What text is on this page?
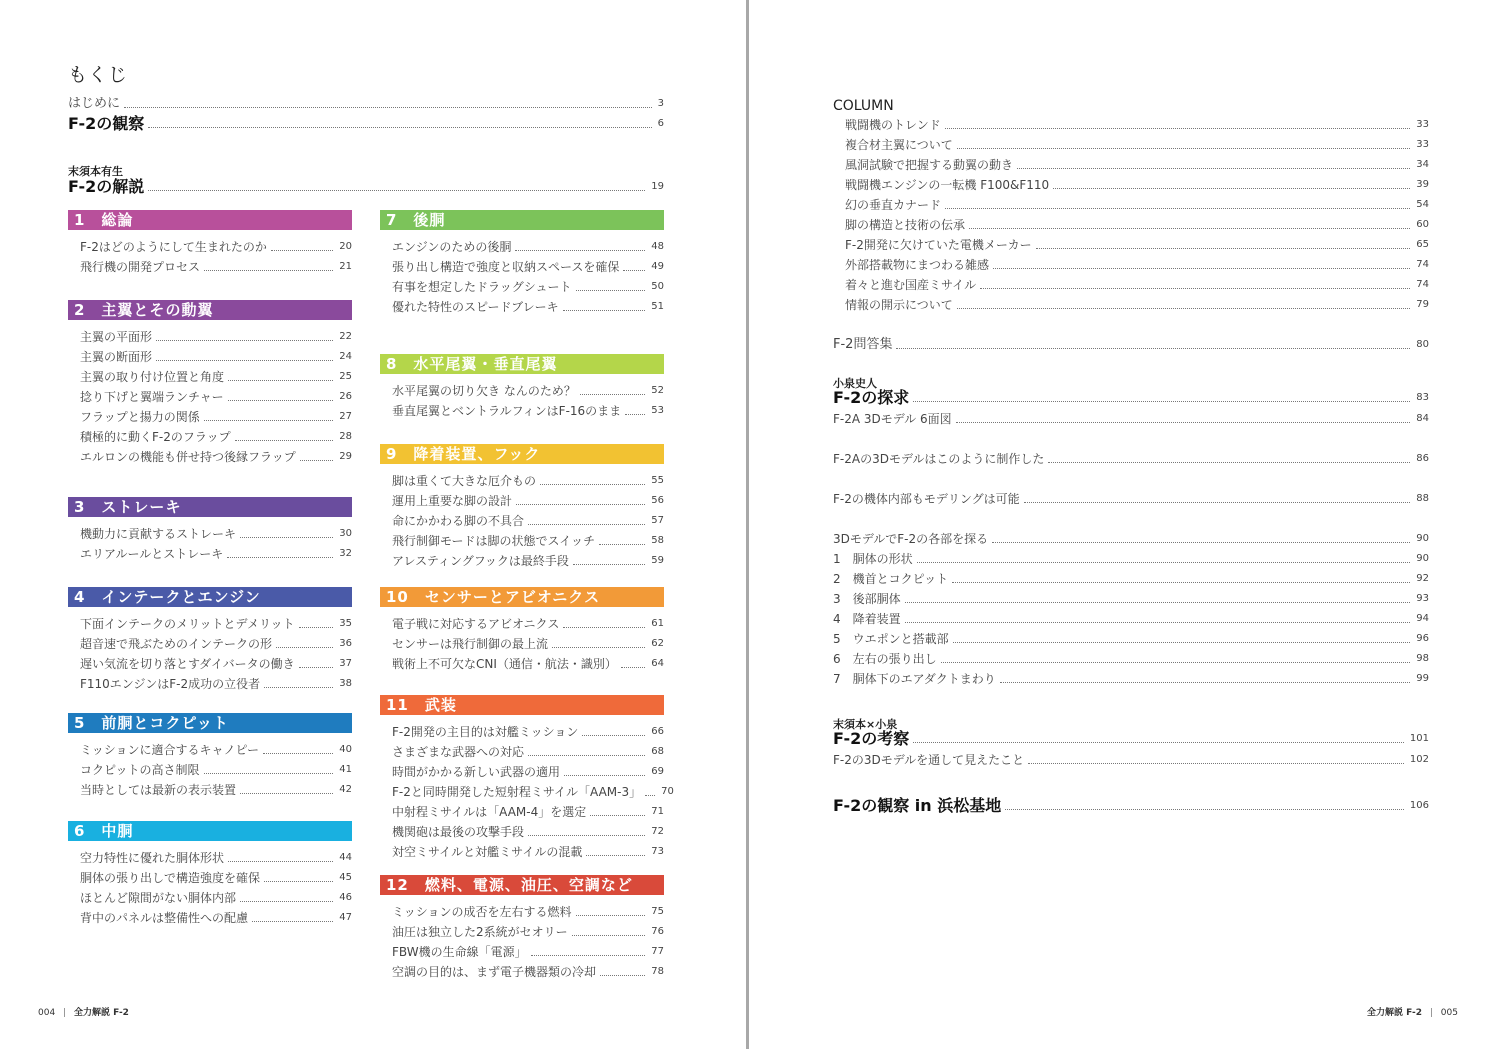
もくじ
はじめに	3
F-2の観察	6
末須本有生
F-2の解説	19
1　総論
F-2はどのようにして生まれたのか	20
飛行機の開発プロセス	21
2　主翼とその動翼
主翼の平面形	22
主翼の断面形	24
主翼の取り付け位置と角度	25
捻り下げと翼端ランチャー	26
フラップと揚力の関係	27
積極的に動くF-2のフラップ	28
エルロンの機能も併せ持つ後縁フラップ	29
3　ストレーキ
機動力に貢献するストレーキ	30
エリアルールとストレーキ	32
4　インテークとエンジン
下面インテークのメリットとデメリット	35
超音速で飛ぶためのインテークの形	36
遅い気流を切り落とすダイバータの働き	37
F110エンジンはF-2成功の立役者	38
5　前胴とコクピット
ミッションに適合するキャノピー	40
コクピットの高さ制限	41
当時としては最新の表示装置	42
6　中胴
空力特性に優れた胴体形状	44
胴体の張り出しで構造強度を確保	45
ほとんど隙間がない胴体内部	46
背中のパネルは整備性への配慮	47
7　後胴
エンジンのための後胴	48
張り出し構造で強度と収納スペースを確保	49
有事を想定したドラッグシュート	50
優れた特性のスピードブレーキ	51
8　水平尾翼・垂直尾翼
水平尾翼の切り欠き なんのため？	52
垂直尾翼とベントラルフィンはF-16のまま	53
9　降着装置、フック
脚は重くて大きな厄介もの	55
運用上重要な脚の設計	56
命にかかわる脚の不具合	57
飛行制御モードは脚の状態でスイッチ	58
アレスティングフックは最終手段	59
10　センサーとアビオニクス
電子戦に対応するアビオニクス	61
センサーは飛行制御の最上流	62
戦術上不可欠なCNI（通信・航法・識別）	64
11　武装
F-2開発の主目的は対艦ミッション	66
さまざまな武器への対応	68
時間がかかる新しい武器の適用	69
F-2と同時開発した短射程ミサイル「AAM-3」 70
中射程ミサイルは「AAM-4」を選定	71
機関砲は最後の攻撃手段	72
対空ミサイルと対艦ミサイルの混載	73
12　燃料、電源、油圧、空調など
ミッションの成否を左右する燃料	75
油圧は独立した2系統がセオリー	76
FBW機の生命線「電源」	77
空調の目的は、まず電子機器類の冷却	78
004 全力解説 F-2
COLUMN
戦闘機のトレンド	33
複合材主翼について	33
風洞試験で把握する動翼の動き	34
戦闘機エンジンの一転機 F100&F110	39
幻の垂直カナード	54
脚の構造と技術の伝承	60
F-2開発に欠けていた電機メーカー	65
外部搭載物にまつわる雑感	74
着々と進む国産ミサイル	74
情報の開示について	79
F-2問答集	80
小泉史人
F-2の探求	83
F-2A 3Dモデル 6面図	84
F-2Aの3Dモデルはこのように制作した	86
F-2の機体内部もモデリングは可能	88
3DモデルでF-2の各部を探る	90
1　胴体の形状	90
2　機首とコクピット	92
3　後部胴体	93
4　降着装置	94
5　ウエポンと搭載部	96
6　左右の張り出し	98
7　胴体下のエアダクトまわり	99
末須本×小泉
F-2の考察	101
F-2の3Dモデルを通して見えたこと	102
F-2の観察 in 浜松基地	106
全力解説 F-2 005
